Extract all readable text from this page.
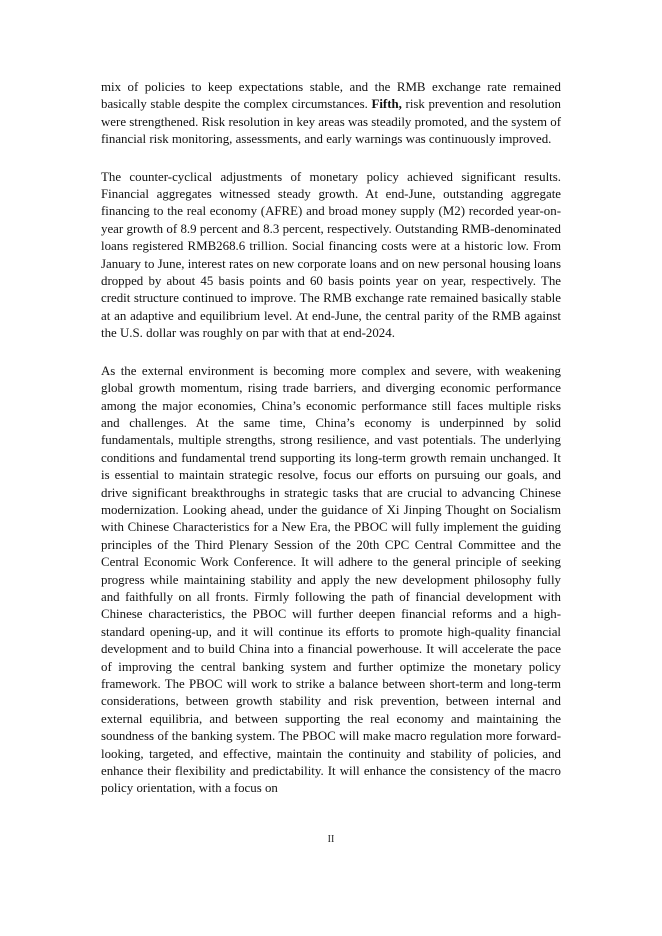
mix of policies to keep expectations stable, and the RMB exchange rate remained basically stable despite the complex circumstances. Fifth, risk prevention and resolution were strengthened. Risk resolution in key areas was steadily promoted, and the system of financial risk monitoring, assessments, and early warnings was continuously improved.

The counter-cyclical adjustments of monetary policy achieved significant results. Financial aggregates witnessed steady growth. At end-June, outstanding aggregate financing to the real economy (AFRE) and broad money supply (M2) recorded year-on-year growth of 8.9 percent and 8.3 percent, respectively. Outstanding RMB-denominated loans registered RMB268.6 trillion. Social financing costs were at a historic low. From January to June, interest rates on new corporate loans and on new personal housing loans dropped by about 45 basis points and 60 basis points year on year, respectively. The credit structure continued to improve. The RMB exchange rate remained basically stable at an adaptive and equilibrium level. At end-June, the central parity of the RMB against the U.S. dollar was roughly on par with that at end-2024.

As the external environment is becoming more complex and severe, with weakening global growth momentum, rising trade barriers, and diverging economic performance among the major economies, China’s economic performance still faces multiple risks and challenges. At the same time, China’s economy is underpinned by solid fundamentals, multiple strengths, strong resilience, and vast potentials. The underlying conditions and fundamental trend supporting its long-term growth remain unchanged. It is essential to maintain strategic resolve, focus our efforts on pursuing our goals, and drive significant breakthroughs in strategic tasks that are crucial to advancing Chinese modernization. Looking ahead, under the guidance of Xi Jinping Thought on Socialism with Chinese Characteristics for a New Era, the PBOC will fully implement the guiding principles of the Third Plenary Session of the 20th CPC Central Committee and the Central Economic Work Conference. It will adhere to the general principle of seeking progress while maintaining stability and apply the new development philosophy fully and faithfully on all fronts. Firmly following the path of financial development with Chinese characteristics, the PBOC will further deepen financial reforms and a high-standard opening-up, and it will continue its efforts to promote high-quality financial development and to build China into a financial powerhouse. It will accelerate the pace of improving the central banking system and further optimize the monetary policy framework. The PBOC will work to strike a balance between short-term and long-term considerations, between growth stability and risk prevention, between internal and external equilibria, and between supporting the real economy and maintaining the soundness of the banking system. The PBOC will make macro regulation more forward-looking, targeted, and effective, maintain the continuity and stability of policies, and enhance their flexibility and predictability. It will enhance the consistency of the macro policy orientation, with a focus on

II
